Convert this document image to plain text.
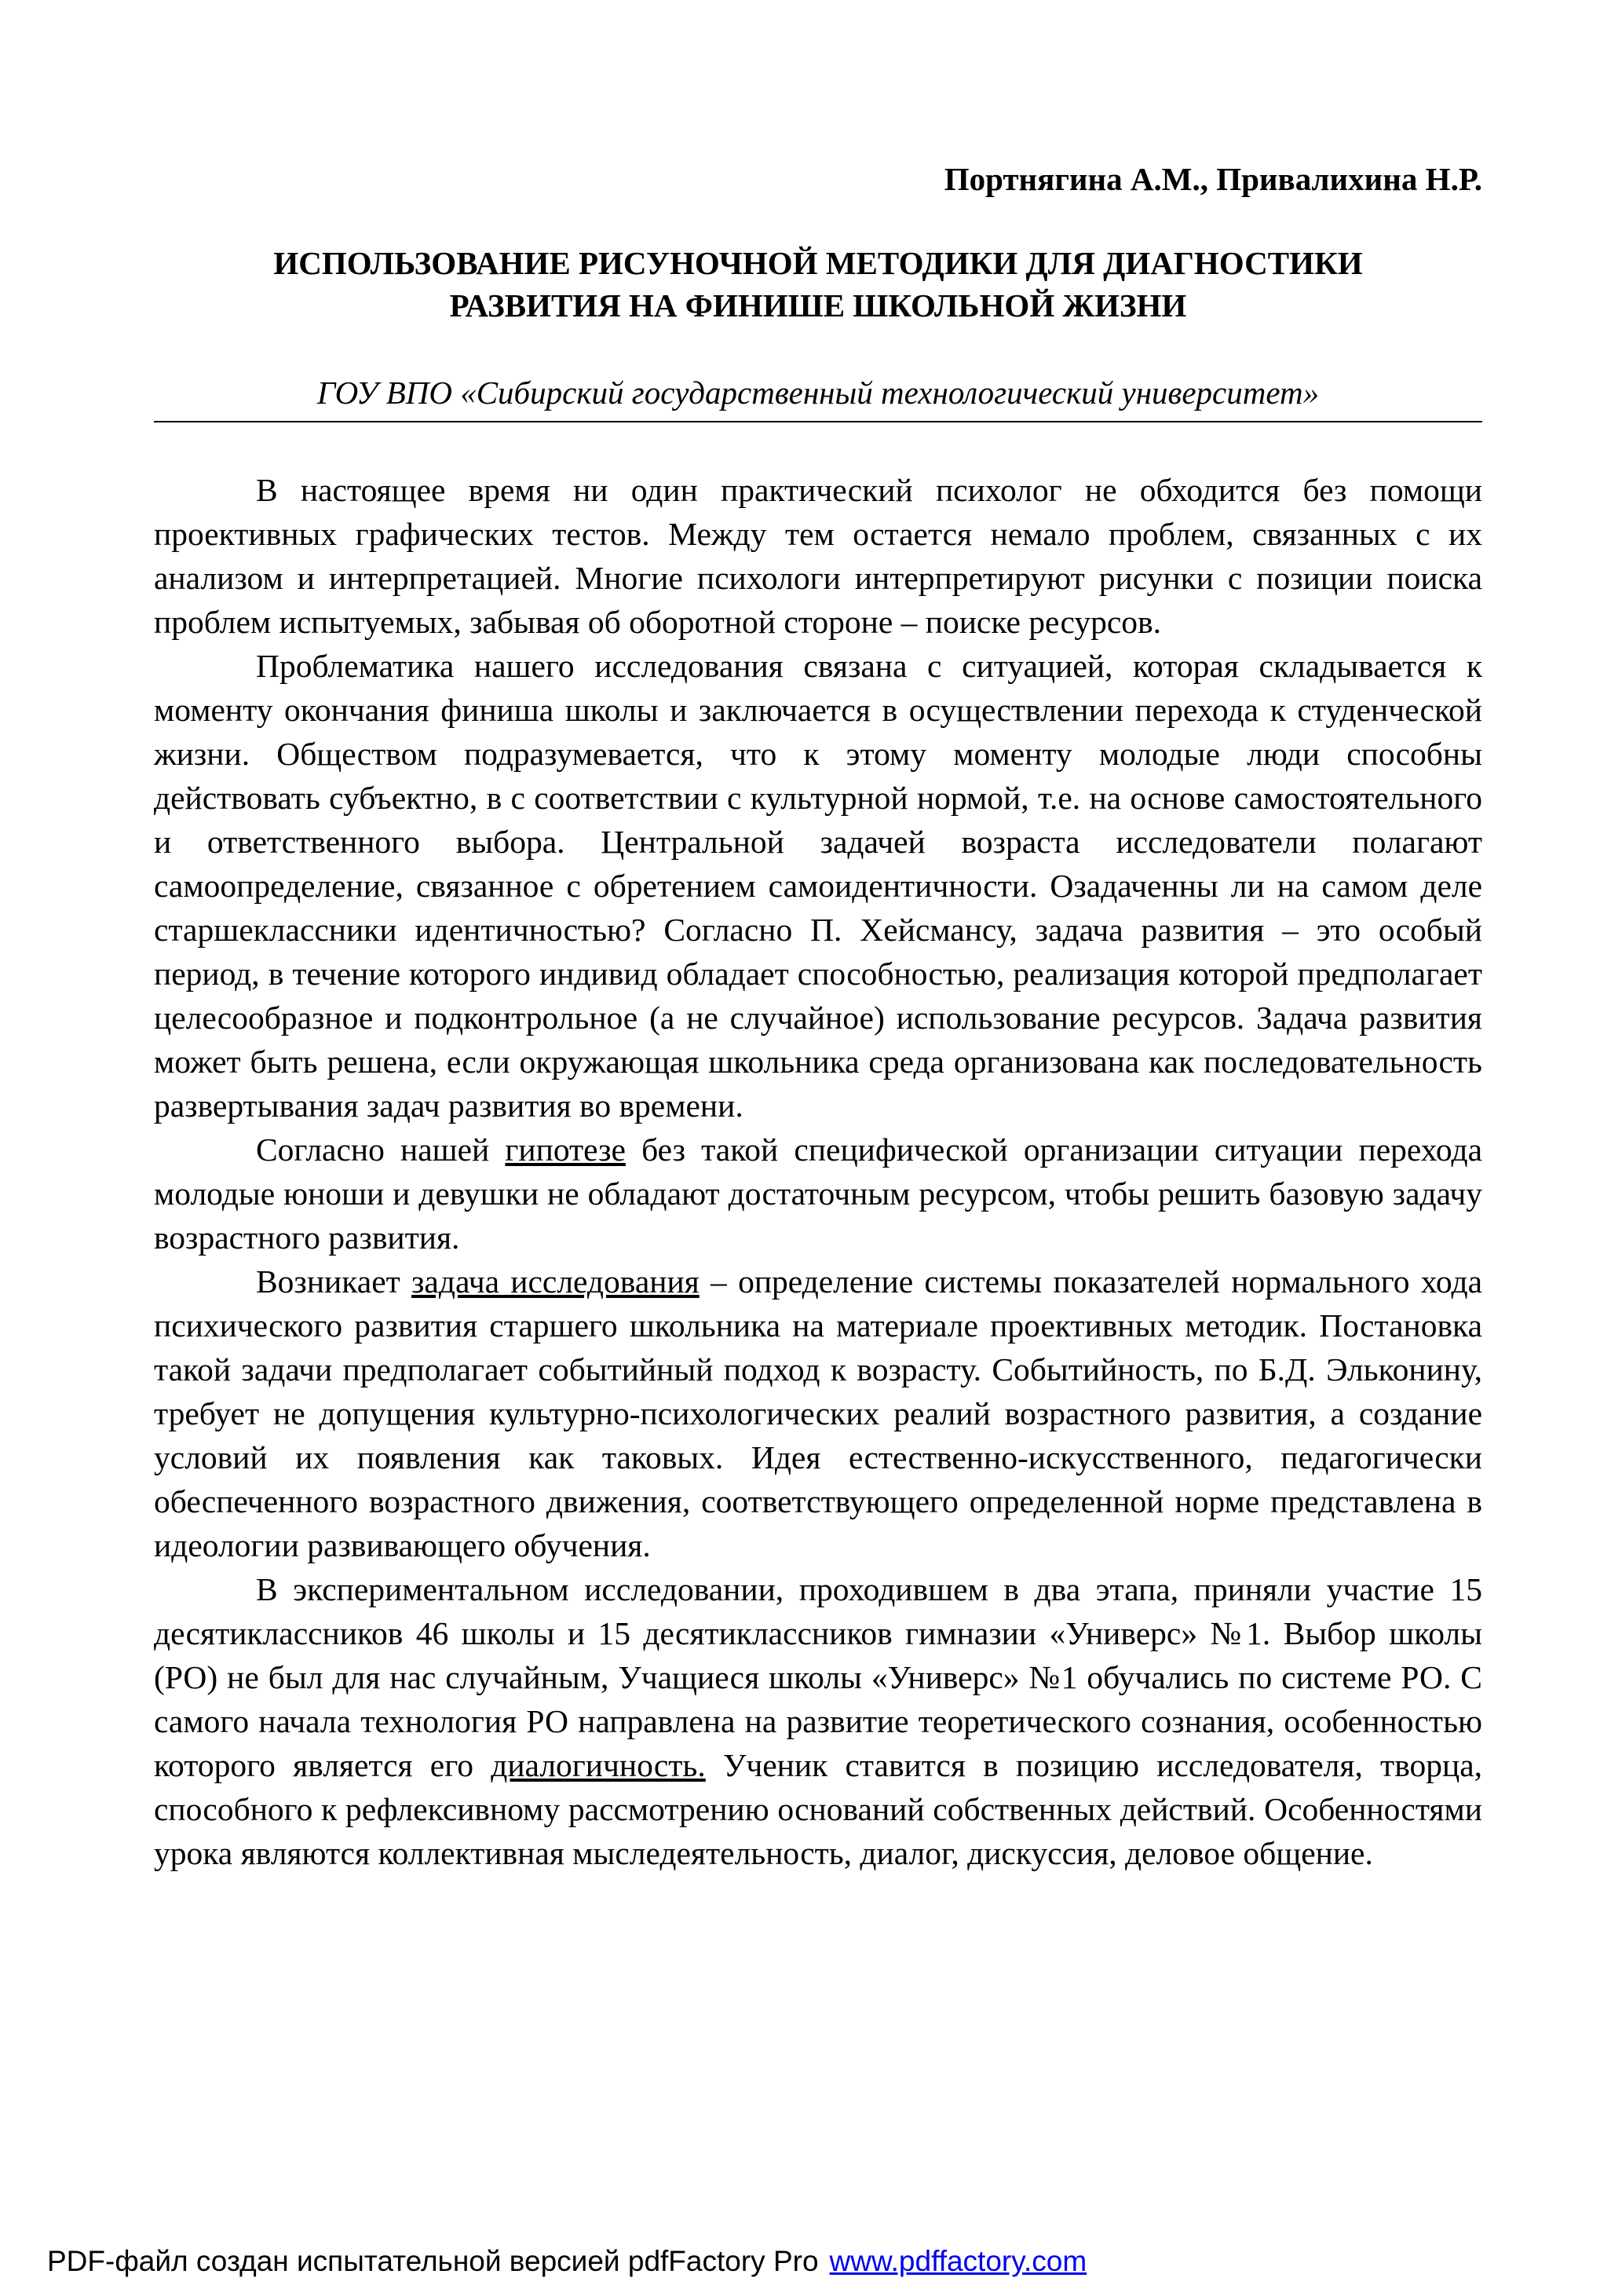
Портнягина А.М., Привалихина Н.Р.
ИСПОЛЬЗОВАНИЕ РИСУНОЧНОЙ МЕТОДИКИ ДЛЯ ДИАГНОСТИКИ
РАЗВИТИЯ НА ФИНИШЕ ШКОЛЬНОЙ ЖИЗНИ
ГОУ ВПО «Сибирский государственный технологический университет»

В настоящее время ни один практический психолог не обходится без помощи проективных графических тестов. Между тем остается немало проблем, связанных с их анализом и интерпретацией. Многие психологи интерпретируют рисунки с позиции поиска проблем испытуемых, забывая об оборотной стороне – поиске ресурсов.

Проблематика нашего исследования связана с ситуацией, которая складывается к моменту окончания финиша школы и заключается в осуществлении перехода к студенческой жизни. Обществом подразумевается, что к этому моменту молодые люди способны действовать субъектно, в с соответствии с культурной нормой, т.е. на основе самостоятельного и ответственного выбора. Центральной задачей возраста исследователи полагают самоопределение, связанное с обретением самоидентичности. Озадаченны ли на самом деле старшеклассники идентичностью? Согласно П. Хейсмансу, задача развития – это особый период, в течение которого индивид обладает способностью, реализация которой предполагает целесообразное и подконтрольное (а не случайное) использование ресурсов. Задача развития может быть решена, если окружающая школьника среда организована как последовательность развертывания задач развития во времени.

Согласно нашей гипотезе без такой специфической организации ситуации перехода молодые юноши и девушки не обладают достаточным ресурсом, чтобы решить базовую задачу возрастного развития.

Возникает задача исследования – определение системы показателей нормального хода психического развития старшего школьника на материале проективных методик. Постановка такой задачи предполагает событийный подход к возрасту. Событийность, по Б.Д. Эльконину, требует не допущения культурно-психологических реалий возрастного развития, а создание условий их появления как таковых. Идея естественно-искусственного, педагогически обеспеченного возрастного движения, соответствующего определенной норме представлена в идеологии развивающего обучения.

В экспериментальном исследовании, проходившем в два этапа, приняли участие 15 десятиклассников 46 школы и 15 десятиклассников гимназии «Универс» №1. Выбор школы (РО) не был для нас случайным, Учащиеся школы «Универс» №1 обучались по системе РО. С самого начала технология РО направлена на развитие теоретического сознания, особенностью которого является его диалогичность. Ученик ставится в позицию исследователя, творца, способного к рефлексивному рассмотрению оснований собственных действий. Особенностями урока являются коллективная мыследеятельность, диалог, дискуссия, деловое общение.

PDF-файл создан испытательной версией pdfFactory Pro www.pdffactory.com
